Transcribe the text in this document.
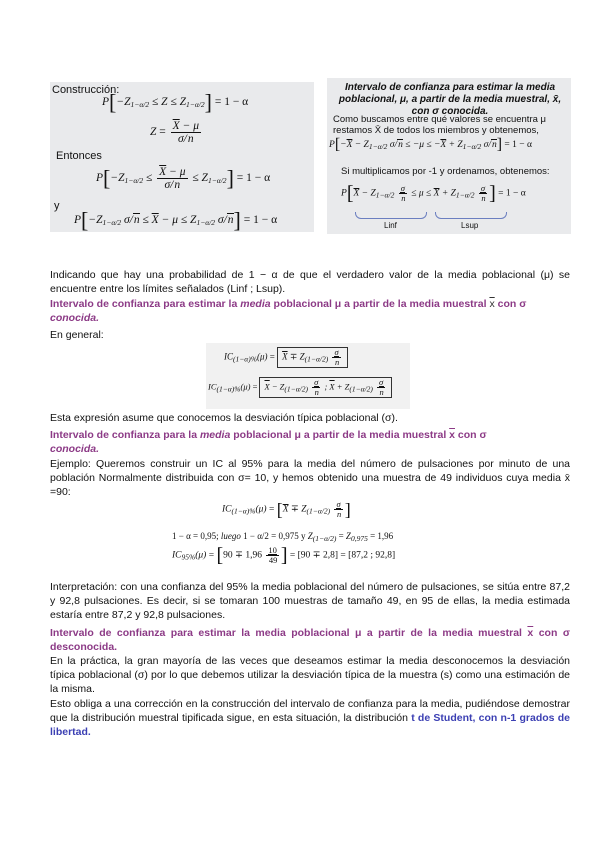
Construcción:
$P[-Z_{1-\alpha/2} \le Z \le Z_{1-\alpha/2}] = 1 - \alpha$
$Z = \frac{\overline{X} - \mu}{\sigma/n}$
Entonces
$P[-Z_{1-\alpha/2} \le \frac{\overline{X} - \mu}{\sigma/n} \le Z_{1-\alpha/2}] = 1 - \alpha$
y
$P[-Z_{1-\alpha/2}$ $\sigma/n \le \overline{X} - \mu \le Z_{1-\alpha/2}$ σ/n] = 1 − α
Intervalo de confianza para estimar la media poblacional, μ, a partir de la media muestral, x̄, con σ conocida.
Como buscamos entre qué valores se encuentra μ restamos X̄ de todos los miembros y obtenemos,
$P[-\overline{X} - Z_{1-\alpha/2}$ $\sigma/n \le -\mu \le -\overline{X} + Z_{1-\alpha/2}$ σ/n] = 1 − α
Si multiplicamos por -1 y ordenamos, obtenemos:
$P[\overline{X} - Z_{1-\alpha/2} \frac{\sigma}{n} \le \mu \le \overline{X} + Z_{1-\alpha/2} \frac{\sigma}{n}$ ] = 1 − α
Linf	Lsup

Indicando que hay una probabilidad de 1 − α de que el verdadero valor de la media poblacional (μ) se encuentre entre los límites señalados (Linf ; Lsup).

Intervalo de confianza para estimar la media poblacional μ a partir de la media muestral $\overline{x}$ con σ
conocida.

En general:

$IC_{(1-\alpha)\%}(\mu) = \overline{X} \mp Z_{(1-\alpha/2)} \frac{\sigma}{n}$
$IC(1-\alpha)\%(\mu) = \overline{X} - Z(1-\alpha/2) \frac{\sigma}{n}$ ; $\overline{X} + Z(1-\alpha/2) \frac{\sigma}{n}$

Esta expresión asume que conocemos la desviación típica poblacional (σ).

Intervalo de confianza para la media poblacional μ a partir de la media muestral $\overline{x}$ con σ
conocida.

Ejemplo: Queremos construir un IC al 95% para la media del número de pulsaciones por minuto de una población Normalmente distribuida con σ= 10, y hemos obtenido una muestra de 49 individuos cuya media x̄ =90:

$IC_{(1-\alpha)\%}(\mu) = [\overline{X} \mp Z_{(1-\alpha/2)} \frac{\sigma}{n}$ ]
1 − α = 0,95; luego 1 − α/2 = 0,975 y $Z_{(1-\alpha/2)} = Z_{0,975} = 1,96$
$IC_{95\%}(\mu) = [90 \mp 1,96 \frac{10}{49}$ ] = [90 ∓ 2,8] = [87,2 ; 92,8]

Interpretación: con una confianza del 95% la media poblacional del número de pulsaciones, se sitúa entre 87,2 y 92,8 pulsaciones. Es decir, si se tomaran 100 muestras de tamaño 49, en 95 de ellas, la media estimada estaría entre 87,2 y 92,8 pulsaciones.

Intervalo de confianza para estimar la media poblacional μ a partir de la media muestral $\overline{x}$ con σ desconocida.

En la práctica, la gran mayoría de las veces que deseamos estimar la media desconocemos la desviación típica poblacional (σ) por lo que debemos utilizar la desviación típica de la muestra (s) como una estimación de la misma.

Esto obliga a una corrección en la construcción del intervalo de confianza para la media, pudiéndose demostrar que la distribución muestral tipificada sigue, en esta situación, la distribución t de Student, con n-1 grados de libertad.
